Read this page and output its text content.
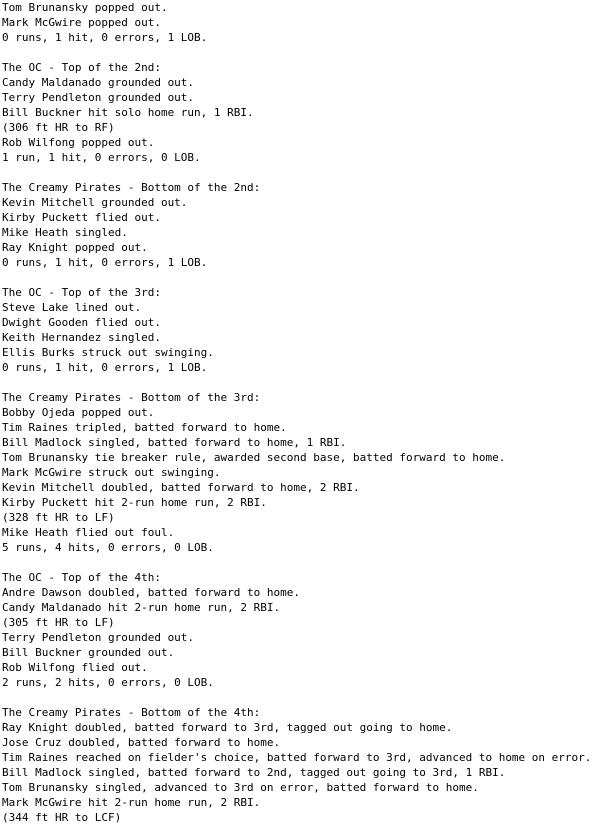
Tom Brunansky popped out.
Mark McGwire popped out.
0 runs, 1 hit, 0 errors, 1 LOB.
The OC - Top of the 2nd:
Candy Maldanado grounded out.
Terry Pendleton grounded out.
Bill Buckner hit solo home run, 1 RBI.
(306 ft HR to RF)
Rob Wilfong popped out.
1 run, 1 hit, 0 errors, 0 LOB.
The Creamy Pirates - Bottom of the 2nd:
Kevin Mitchell grounded out.
Kirby Puckett flied out.
Mike Heath singled.
Ray Knight popped out.
0 runs, 1 hit, 0 errors, 1 LOB.
The OC - Top of the 3rd:
Steve Lake lined out.
Dwight Gooden flied out.
Keith Hernandez singled.
Ellis Burks struck out swinging.
0 runs, 1 hit, 0 errors, 1 LOB.
The Creamy Pirates - Bottom of the 3rd:
Bobby Ojeda popped out.
Tim Raines tripled, batted forward to home.
Bill Madlock singled, batted forward to home, 1 RBI.
Tom Brunansky tie breaker rule, awarded second base, batted forward to home.
Mark McGwire struck out swinging.
Kevin Mitchell doubled, batted forward to home, 2 RBI.
Kirby Puckett hit 2-run home run, 2 RBI.
(328 ft HR to LF)
Mike Heath flied out foul.
5 runs, 4 hits, 0 errors, 0 LOB.
The OC - Top of the 4th:
Andre Dawson doubled, batted forward to home.
Candy Maldanado hit 2-run home run, 2 RBI.
(305 ft HR to LF)
Terry Pendleton grounded out.
Bill Buckner grounded out.
Rob Wilfong flied out.
2 runs, 2 hits, 0 errors, 0 LOB.
The Creamy Pirates - Bottom of the 4th:
Ray Knight doubled, batted forward to 3rd, tagged out going to home.
Jose Cruz doubled, batted forward to home.
Tim Raines reached on fielder's choice, batted forward to 3rd, advanced to home on error.
Bill Madlock singled, batted forward to 2nd, tagged out going to 3rd, 1 RBI.
Tom Brunansky singled, advanced to 3rd on error, batted forward to home.
Mark McGwire hit 2-run home run, 2 RBI.
(344 ft HR to LCF)
